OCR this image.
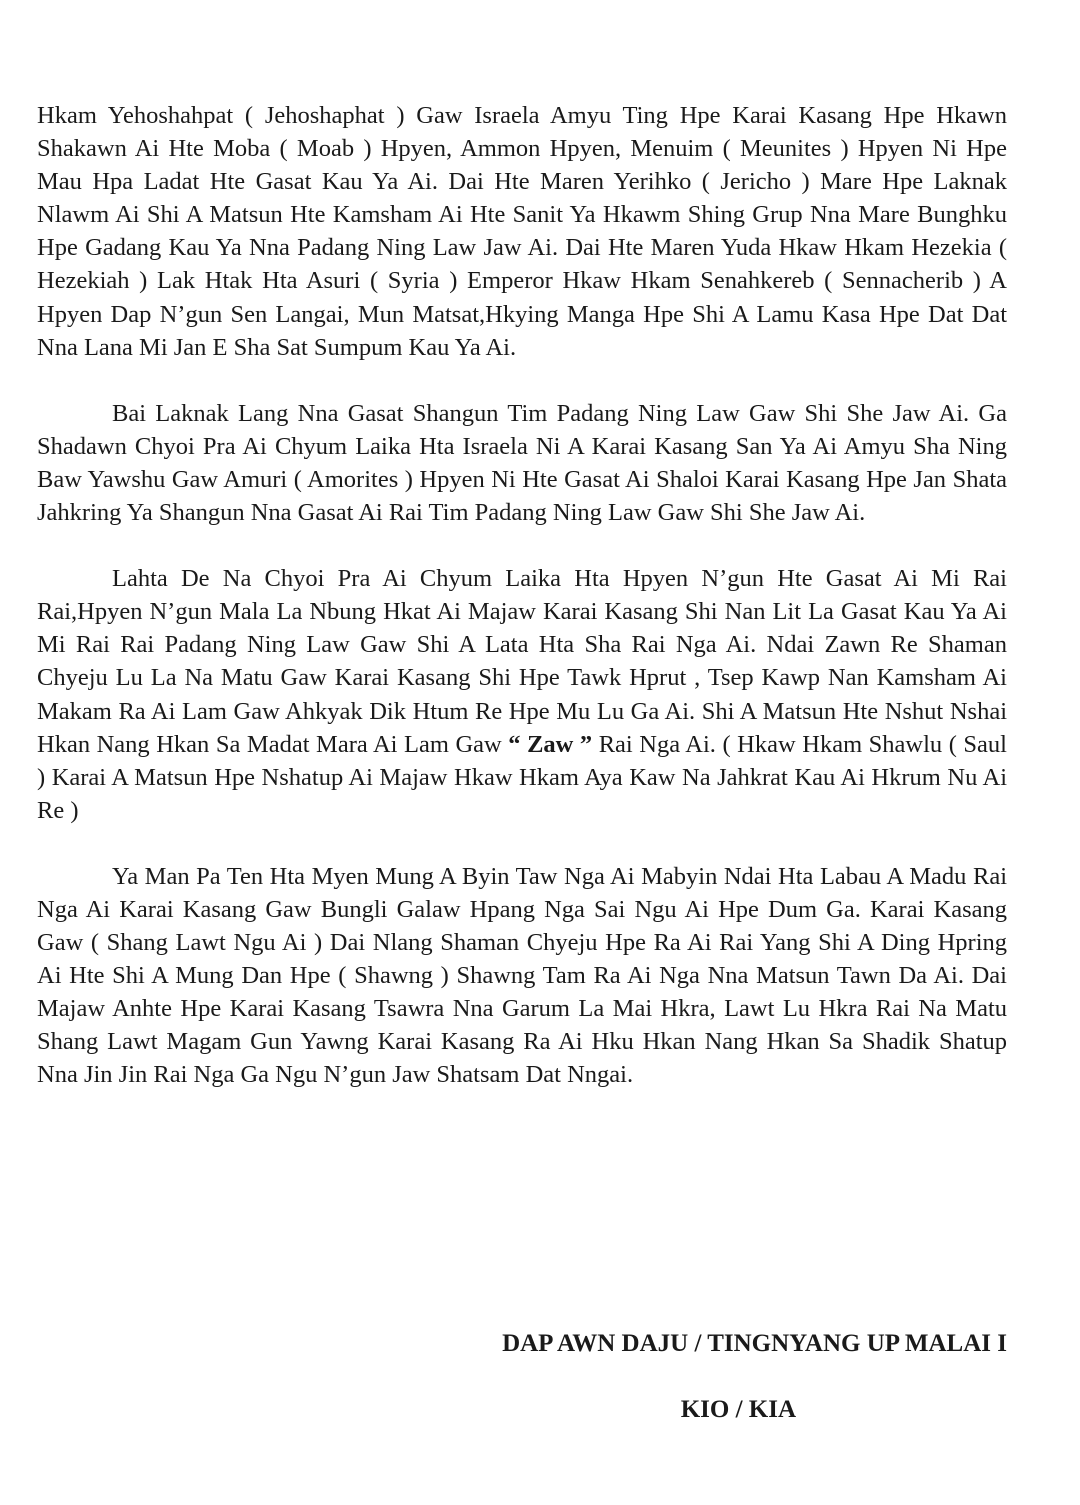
Hkam Yehoshahpat ( Jehoshaphat ) Gaw Israela Amyu Ting Hpe Karai Kasang Hpe Hkawn Shakawn Ai Hte Moba ( Moab ) Hpyen, Ammon Hpyen, Menuim ( Meunites ) Hpyen Ni Hpe Mau Hpa Ladat Hte Gasat Kau Ya Ai. Dai Hte Maren Yerihko ( Jericho ) Mare Hpe Laknak Nlawm Ai Shi A Matsun Hte Kamsham Ai Hte Sanit Ya Hkawm Shing Grup Nna Mare Bunghku Hpe Gadang Kau Ya Nna Padang Ning Law Jaw Ai. Dai Hte Maren Yuda Hkaw Hkam Hezekia ( Hezekiah ) Lak Htak Hta Asuri ( Syria ) Emperor Hkaw Hkam Senahkereb ( Sennacherib ) A Hpyen Dap N’gun Sen Langai, Mun Matsat,Hkying Manga Hpe Shi A Lamu Kasa Hpe Dat Dat Nna Lana Mi Jan E Sha Sat Sumpum Kau Ya Ai.

Bai Laknak Lang Nna Gasat Shangun Tim Padang Ning Law Gaw Shi She Jaw Ai. Ga Shadawn Chyoi Pra Ai Chyum Laika Hta Israela Ni A Karai Kasang San Ya Ai Amyu Sha Ning Baw Yawshu Gaw Amuri ( Amorites ) Hpyen Ni Hte Gasat Ai Shaloi Karai Kasang Hpe Jan Shata Jahkring Ya Shangun Nna Gasat Ai Rai Tim Padang Ning Law Gaw Shi She Jaw Ai.

Lahta De Na Chyoi Pra Ai Chyum Laika Hta Hpyen N’gun Hte Gasat Ai Mi Rai Rai,Hpyen N’gun Mala La Nbung Hkat Ai Majaw Karai Kasang Shi Nan Lit La Gasat Kau Ya Ai Mi Rai Rai Padang Ning Law Gaw Shi A Lata Hta Sha Rai Nga Ai. Ndai Zawn Re Shaman Chyeju Lu La Na Matu Gaw Karai Kasang Shi Hpe Tawk Hprut , Tsep Kawp Nan Kamsham Ai Makam Ra Ai Lam Gaw Ahkyak Dik Htum Re Hpe Mu Lu Ga Ai. Shi A Matsun Hte Nshut Nshai Hkan Nang Hkan Sa Madat Mara Ai Lam Gaw “ Zaw ” Rai Nga Ai. ( Hkaw Hkam Shawlu ( Saul ) Karai A Matsun Hpe Nshatup Ai Majaw Hkaw Hkam Aya Kaw Na Jahkrat Kau Ai Hkrum Nu Ai Re )

Ya Man Pa Ten Hta Myen Mung A Byin Taw Nga Ai Mabyin Ndai Hta Labau A Madu Rai Nga Ai Karai Kasang Gaw Bungli Galaw Hpang Nga Sai Ngu Ai Hpe Dum Ga. Karai Kasang Gaw ( Shang Lawt Ngu Ai ) Dai Nlang Shaman Chyeju Hpe Ra Ai Rai Yang Shi A Ding Hpring Ai Hte Shi A Mung Dan Hpe ( Shawng ) Shawng Tam Ra Ai Nga Nna Matsun Tawn Da Ai. Dai Majaw Anhte Hpe Karai Kasang Tsawra Nna Garum La Mai Hkra, Lawt Lu Hkra Rai Na Matu Shang Lawt Magam Gun Yawng Karai Kasang Ra Ai Hku Hkan Nang Hkan Sa Shadik Shatup Nna Jin Jin Rai Nga Ga Ngu N’gun Jaw Shatsam Dat Nngai.

DAP AWN DAJU / TINGNYANG UP MALAI I
KIO / KIA
